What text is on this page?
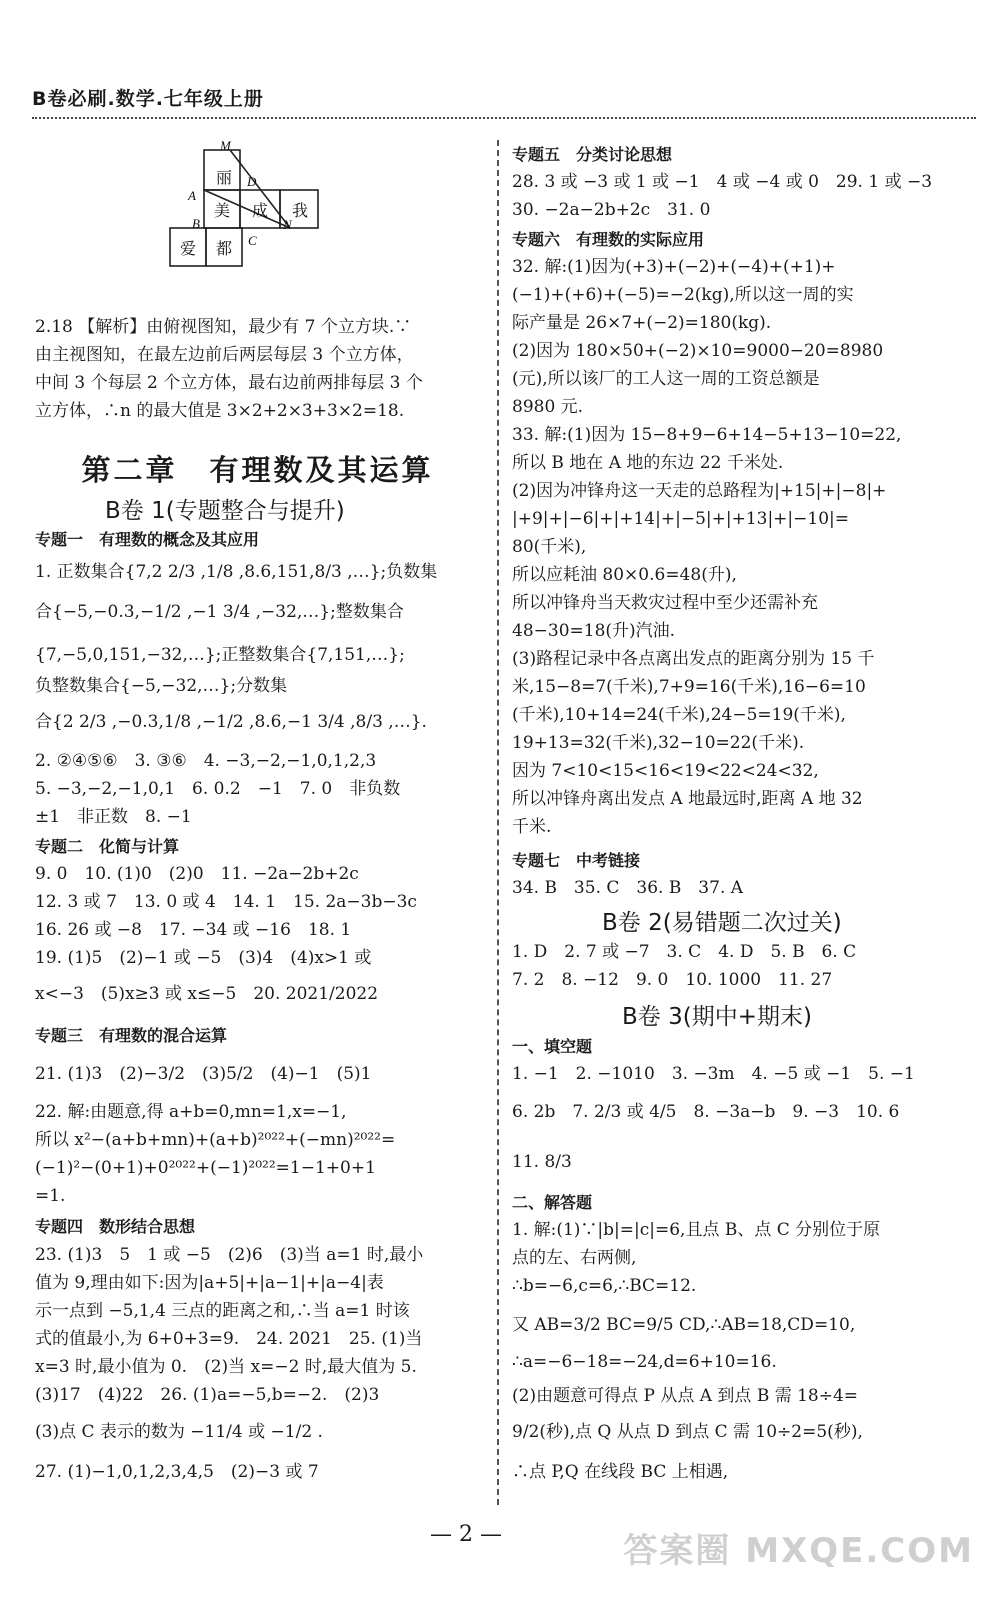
B卷必刷.数学.七年级上册
M
A
B
C
D
N
丽
美 成 我
爱 都
2.18 【解析】由俯视图知，最少有 7 个立方块.∵
由主视图知，在最左边前后两层每层 3 个立方体，
中间 3 个每层 2 个立方体，最右边前两排每层 3 个
立方体，∴n 的最大值是 3×2+2×3+3×2=18.
第二章　有理数及其运算
B卷 1(专题整合与提升)
专题一　有理数的概念及其应用
1. 正数集合{7,2 2/3 ,1/8 ,8.6,151,8/3 ,…};负数集
合{−5,−0.3,−1/2 ,−1 3/4 ,−32,…};整数集合
{7,−5,0,151,−32,…};正整数集合{7,151,…};
负整数集合{−5,−32,…};分数集
合{2 2/3 ,−0.3,1/8 ,−1/2 ,8.6,−1 3/4 ,8/3 ,…}.
2. ②④⑤⑥　3. ③⑥　4. −3,−2,−1,0,1,2,3
5. −3,−2,−1,0,1　6. 0.2　−1　7. 0　非负数
±1　非正数　8. −1
专题二　化简与计算
9. 0　10. (1)0　(2)0　11. −2a−2b+2c
12. 3 或 7　13. 0 或 4　14. 1　15. 2a−3b−3c
16. 26 或 −8　17. −34 或 −16　18. 1
19. (1)5　(2)−1 或 −5　(3)4　(4)x>1 或
x<−3　(5)x≥3 或 x≤−5　20. 2021/2022
专题三　有理数的混合运算
21. (1)3　(2)−3/2　(3)5/2　(4)−1　(5)1
22. 解:由题意,得 a+b=0,mn=1,x=−1,
所以 x²−(a+b+mn)+(a+b)²⁰²²+(−mn)²⁰²²=
(−1)²−(0+1)+0²⁰²²+(−1)²⁰²²=1−1+0+1
=1.
专题四　数形结合思想
23. (1)3　5　1 或 −5　(2)6　(3)当 a=1 时,最小
值为 9,理由如下:因为|a+5|+|a−1|+|a−4|表
示一点到 −5,1,4 三点的距离之和,∴当 a=1 时该
式的值最小,为 6+0+3=9.　24. 2021　25. (1)当
x=3 时,最小值为 0.　(2)当 x=−2 时,最大值为 5.
(3)17　(4)22　26. (1)a=−5,b=−2.　(2)3
(3)点 C 表示的数为 −11/4 或 −1/2 .
27. (1)−1,0,1,2,3,4,5　(2)−3 或 7
专题五　分类讨论思想
28. 3 或 −3 或 1 或 −1　4 或 −4 或 0　29. 1 或 −3
30. −2a−2b+2c　31. 0
专题六　有理数的实际应用
32. 解:(1)因为(+3)+(−2)+(−4)+(+1)+
(−1)+(+6)+(−5)=−2(kg),所以这一周的实
际产量是 26×7+(−2)=180(kg).
(2)因为 180×50+(−2)×10=9000−20=8980
(元),所以该厂的工人这一周的工资总额是
8980 元.
33. 解:(1)因为 15−8+9−6+14−5+13−10=22,
所以 B 地在 A 地的东边 22 千米处.
(2)因为冲锋舟这一天走的总路程为|+15|+|−8|+
|+9|+|−6|+|+14|+|−5|+|+13|+|−10|=
80(千米),
所以应耗油 80×0.6=48(升),
所以冲锋舟当天救灾过程中至少还需补充
48−30=18(升)汽油.
(3)路程记录中各点离出发点的距离分别为 15 千
米,15−8=7(千米),7+9=16(千米),16−6=10
(千米),10+14=24(千米),24−5=19(千米),
19+13=32(千米),32−10=22(千米).
因为 7<10<15<16<19<22<24<32,
所以冲锋舟离出发点 A 地最远时,距离 A 地 32
千米.
专题七　中考链接
34. B　35. C　36. B　37. A
B卷 2(易错题二次过关)
1. D　2. 7 或 −7　3. C　4. D　5. B　6. C
7. 2　8. −12　9. 0　10. 1000　11. 27
B卷 3(期中+期末)
一、填空题
1. −1　2. −1010　3. −3m　4. −5 或 −1　5. −1
6. 2b　7. 2/3 或 4/5　8. −3a−b　9. −3　10. 6
11. 8/3
二、解答题
1. 解:(1)∵|b|=|c|=6,且点 B、点 C 分别位于原
点的左、右两侧,
∴b=−6,c=6,∴BC=12.
又 AB=3/2 BC=9/5 CD,∴AB=18,CD=10,
∴a=−6−18=−24,d=6+10=16.
(2)由题意可得点 P 从点 A 到点 B 需 18÷4=
9/2(秒),点 Q 从点 D 到点 C 需 10÷2=5(秒),
∴点 P,Q 在线段 BC 上相遇,
— 2 —	答案圈 MXQE.COM
